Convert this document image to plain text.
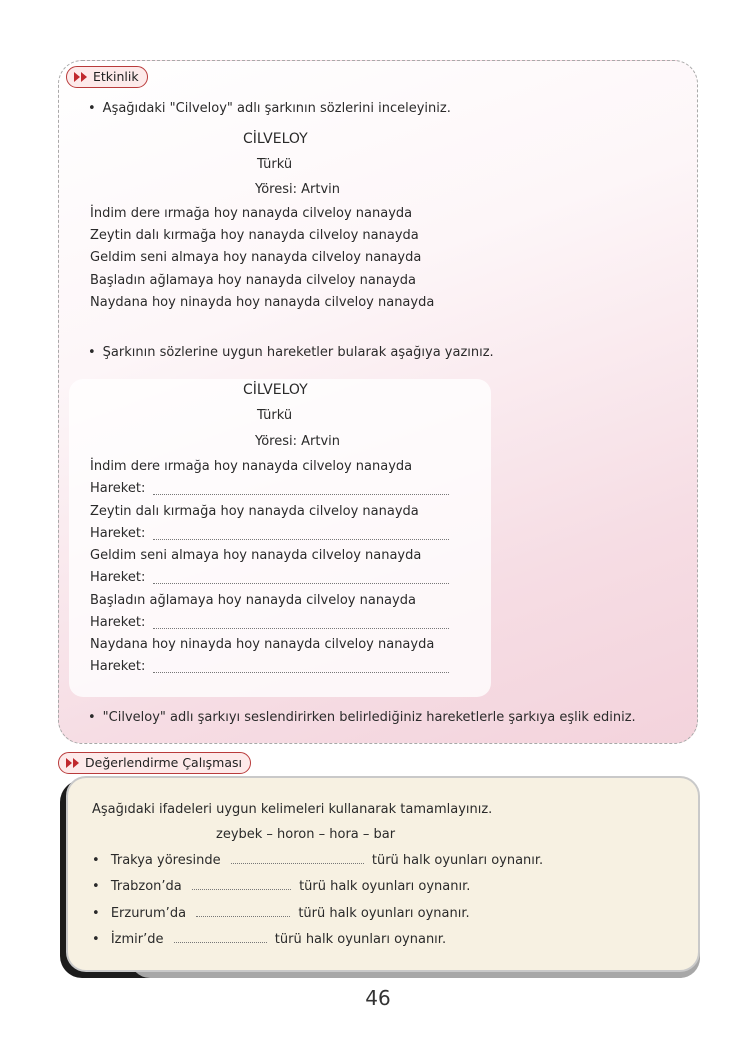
Etkinlik
• Aşağıdaki "Cilveloy" adlı şarkının sözlerini inceleyiniz.
CİLVELOY
Türkü
Yöresi: Artvin
İndim dere ırmağa hoy nanayda cilveloy nanayda
Zeytin dalı kırmağa hoy nanayda cilveloy nanayda
Geldim seni almaya hoy nanayda cilveloy nanayda
Başladın ağlamaya hoy nanayda cilveloy nanayda
Naydana hoy ninayda hoy nanayda cilveloy nanayda
• Şarkının sözlerine uygun hareketler bularak aşağıya yazınız.
CİLVELOY
Türkü
Yöresi: Artvin
İndim dere ırmağa hoy nanayda cilveloy nanayda
Hareket:
Zeytin dalı kırmağa hoy nanayda cilveloy nanayda
Hareket:
Geldim seni almaya hoy nanayda cilveloy nanayda
Hareket:
Başladın ağlamaya hoy nanayda cilveloy nanayda
Hareket:
Naydana hoy ninayda hoy nanayda cilveloy nanayda
Hareket:
• "Cilveloy" adlı şarkıyı seslendirirken belirlediğiniz hareketlerle şarkıya eşlik ediniz.
Değerlendirme Çalışması
Aşağıdaki ifadeleri uygun kelimeleri kullanarak tamamlayınız.
zeybek – horon – hora – bar
• Trakya yöresinde	türü halk oyunları oynanır.
• Trabzon’da	türü halk oyunları oynanır.
• Erzurum’da	türü halk oyunları oynanır.
• İzmir’de	türü halk oyunları oynanır.
46
